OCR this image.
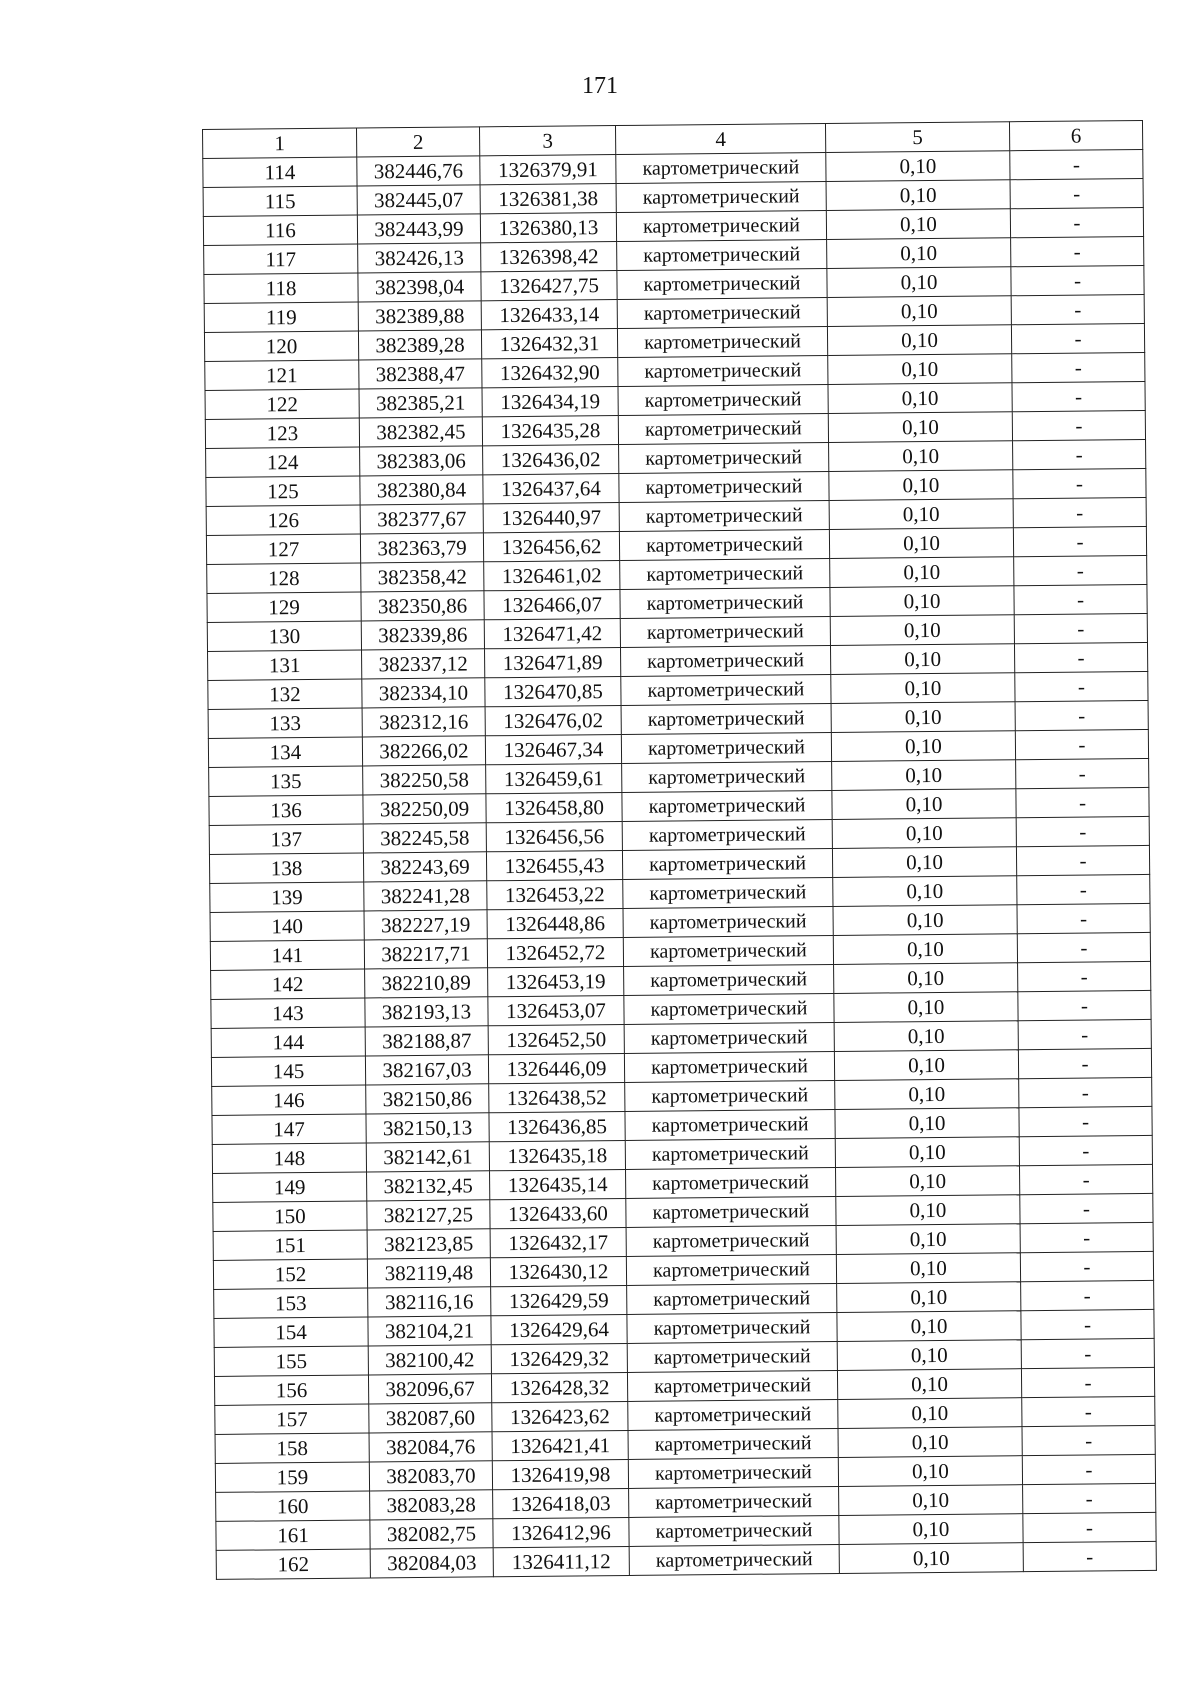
171
1	2	3	4	5	6
114	382446,76	1326379,91	картометрический	0,10	-
115	382445,07	1326381,38	картометрический	0,10	-
116	382443,99	1326380,13	картометрический	0,10	-
117	382426,13	1326398,42	картометрический	0,10	-
118	382398,04	1326427,75	картометрический	0,10	-
119	382389,88	1326433,14	картометрический	0,10	-
120	382389,28	1326432,31	картометрический	0,10	-
121	382388,47	1326432,90	картометрический	0,10	-
122	382385,21	1326434,19	картометрический	0,10	-
123	382382,45	1326435,28	картометрический	0,10	-
124	382383,06	1326436,02	картометрический	0,10	-
125	382380,84	1326437,64	картометрический	0,10	-
126	382377,67	1326440,97	картометрический	0,10	-
127	382363,79	1326456,62	картометрический	0,10	-
128	382358,42	1326461,02	картометрический	0,10	-
129	382350,86	1326466,07	картометрический	0,10	-
130	382339,86	1326471,42	картометрический	0,10	-
131	382337,12	1326471,89	картометрический	0,10	-
132	382334,10	1326470,85	картометрический	0,10	-
133	382312,16	1326476,02	картометрический	0,10	-
134	382266,02	1326467,34	картометрический	0,10	-
135	382250,58	1326459,61	картометрический	0,10	-
136	382250,09	1326458,80	картометрический	0,10	-
137	382245,58	1326456,56	картометрический	0,10	-
138	382243,69	1326455,43	картометрический	0,10	-
139	382241,28	1326453,22	картометрический	0,10	-
140	382227,19	1326448,86	картометрический	0,10	-
141	382217,71	1326452,72	картометрический	0,10	-
142	382210,89	1326453,19	картометрический	0,10	-
143	382193,13	1326453,07	картометрический	0,10	-
144	382188,87	1326452,50	картометрический	0,10	-
145	382167,03	1326446,09	картометрический	0,10	-
146	382150,86	1326438,52	картометрический	0,10	-
147	382150,13	1326436,85	картометрический	0,10	-
148	382142,61	1326435,18	картометрический	0,10	-
149	382132,45	1326435,14	картометрический	0,10	-
150	382127,25	1326433,60	картометрический	0,10	-
151	382123,85	1326432,17	картометрический	0,10	-
152	382119,48	1326430,12	картометрический	0,10	-
153	382116,16	1326429,59	картометрический	0,10	-
154	382104,21	1326429,64	картометрический	0,10	-
155	382100,42	1326429,32	картометрический	0,10	-
156	382096,67	1326428,32	картометрический	0,10	-
157	382087,60	1326423,62	картометрический	0,10	-
158	382084,76	1326421,41	картометрический	0,10	-
159	382083,70	1326419,98	картометрический	0,10	-
160	382083,28	1326418,03	картометрический	0,10	-
161	382082,75	1326412,96	картометрический	0,10	-
162	382084,03	1326411,12	картометрический	0,10	-
